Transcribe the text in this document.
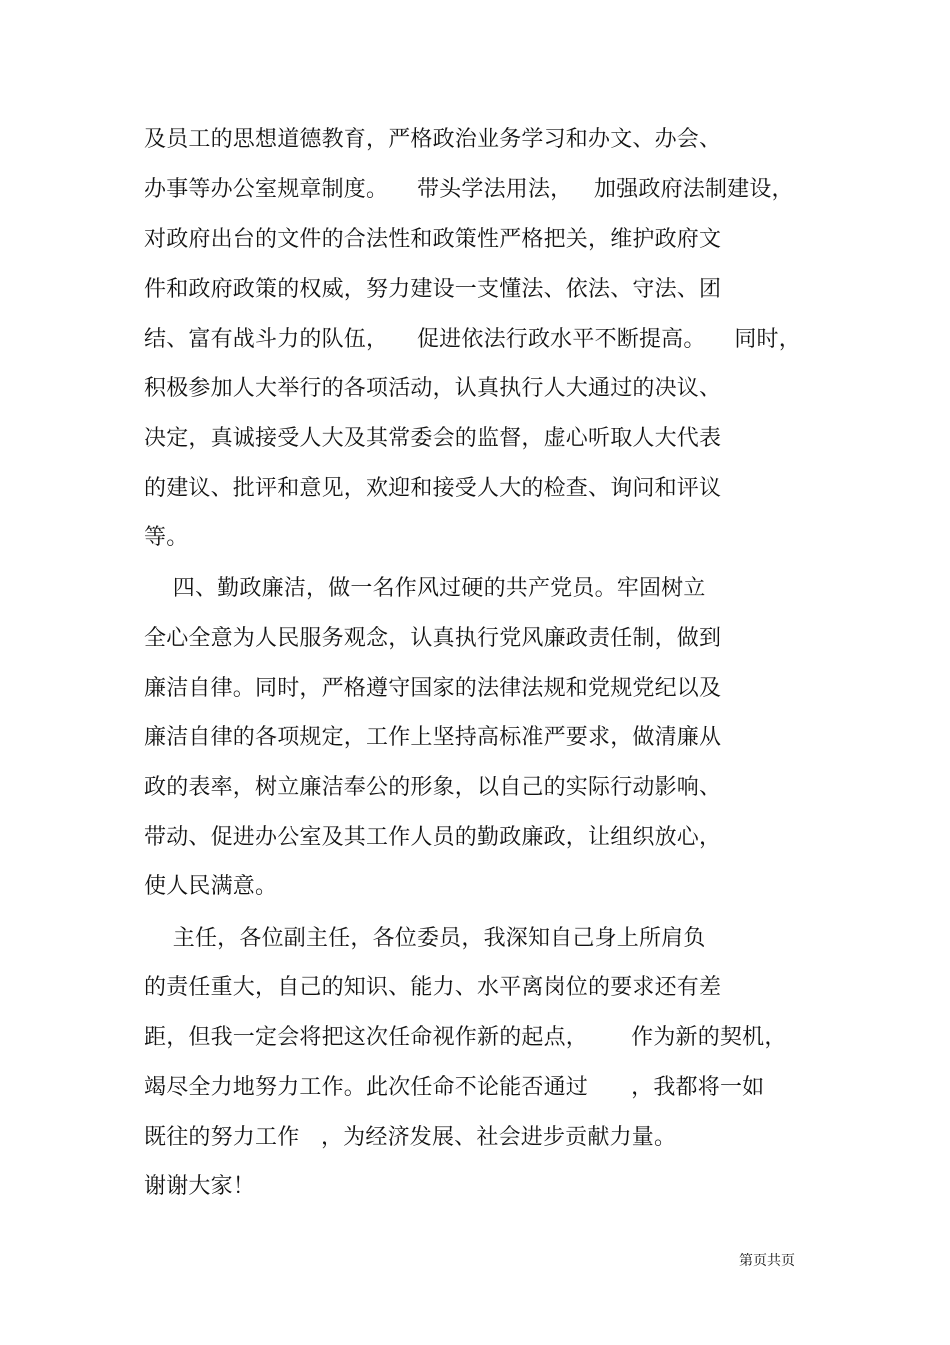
及员工的思想道德教育，严格政治业务学习和办文、办会、
办事等办公室规章制度。    带头学法用法，   加强政府法制建设，
对政府出台的文件的合法性和政策性严格把关，维护政府文
件和政府政策的权威，努力建设一支懂法、依法、守法、团
结、富有战斗力的队伍，    促进依法行政水平不断提高。    同时，
积极参加人大举行的各项活动，认真执行人大通过的决议、
决定，真诚接受人大及其常委会的监督，虚心听取人大代表
的建议、批评和意见，欢迎和接受人大的检查、询问和评议
等。
四、勤政廉洁，做一名作风过硬的共产党员。牢固树立
全心全意为人民服务观念，认真执行党风廉政责任制，做到
廉洁自律。同时，严格遵守国家的法律法规和党规党纪以及
廉洁自律的各项规定，工作上坚持高标准严要求，做清廉从
政的表率，树立廉洁奉公的形象，以自己的实际行动影响、
带动、促进办公室及其工作人员的勤政廉政，让组织放心，
使人民满意。
主任，各位副主任，各位委员，我深知自己身上所肩负
的责任重大，自己的知识、能力、水平离岗位的要求还有差
距，但我一定会将把这次任命视作新的起点，      作为新的契机，
竭尽全力地努力工作。此次任命不论能否通过      ，我都将一如
既往的努力工作   ，为经济发展、社会进步贡献力量。
谢谢大家！
第页共页
